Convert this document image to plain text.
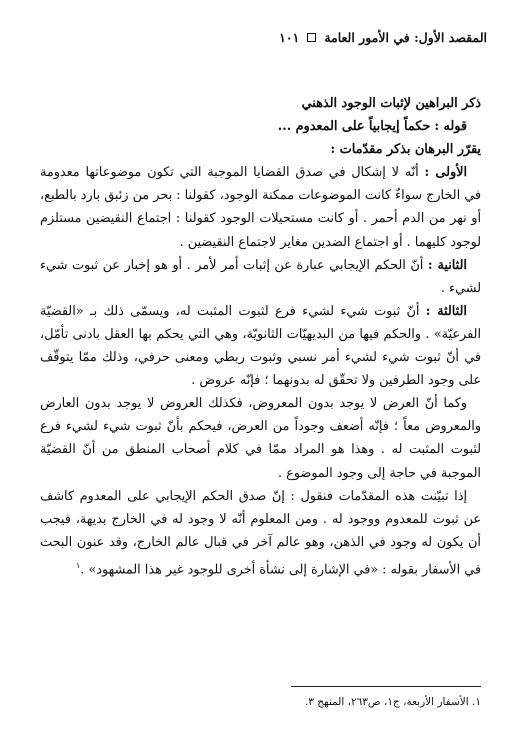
المقصد الأول: في الأمور العامة
١٠١

ذكر البراهين لإثبات الوجود الذهني

قوله : حكماً إيجابياً على المعدوم ...

يقرّر البرهان بذكر مقدّمات :

الأولى : أنّه لا إشكال في صدق القضايا الموجبة التي تكون موضوعاتها معدومة في الخارج سواءٌ كانت الموضوعات ممكنة الوجود، كقولنا : بحر من زئبق بارد بالطبع، أو نهر من الدم أحمر . أو كانت مستحيلات الوجود كقولنا : اجتماع النقيضين مستلزم لوجود كليهما . أو اجتماع الضدين مغاير لاجتماع النقيضين .

الثانية : أنّ الحكم الإيجابي عبارة عن إثبات أمر لأمر . أو هو إخبار عن ثبوت شيء لشيء .

الثالثة : أنّ ثبوت شيء لشيء فرع لثبوت المثبت له، ويسمّى ذلك بـ «القضيّة الفرعيّة» . والحكم فيها من البديهيّات الثانويّة، وهي التي يحكم بها العقل بادنى تأمّل، في أنّ ثبوت شيء لشيء أمر نسبي وثبوت ربطي ومعنى حرفي، وذلك ممّا يتوقّف على وجود الطرفين ولا تحقّق له بدونهما ؛ فإنّه عروض .

وكما أنّ العرض لا يوجد بدون المعروض، فكذلك العروض لا يوجد بدون العارض والمعروض معاً ؛ فإنّه أضعف وجوداً من العرض، فيحكم بأنّ ثبوت شيء لشيء فرع لثبوت المثبت له . وهذا هو المراد ممّا في كلام أصحاب المنطق من أنّ القضيّة الموجبة في حاجة إلى وجود الموضوع .

إذا تبيّنت هذه المقدّمات فنقول : إنّ صدق الحكم الإيجابي على المعدوم كاشف عن ثبوت للمعدوم ووجود له . ومن المعلوم أنّه لا وجود له في الخارج بديهة، فيجب أن يكون له وجود في الذهن، وهو عالم آخر في قبال عالم الخارج، وقد عنون البحث في الأسفار بقوله : «في الإشارة إلى نشأة أخرى للوجود غير هذا المشهود» .$^١$

١. الأسفار الأربعة، ج١، ص٢٦٣، المنهج ٣.
